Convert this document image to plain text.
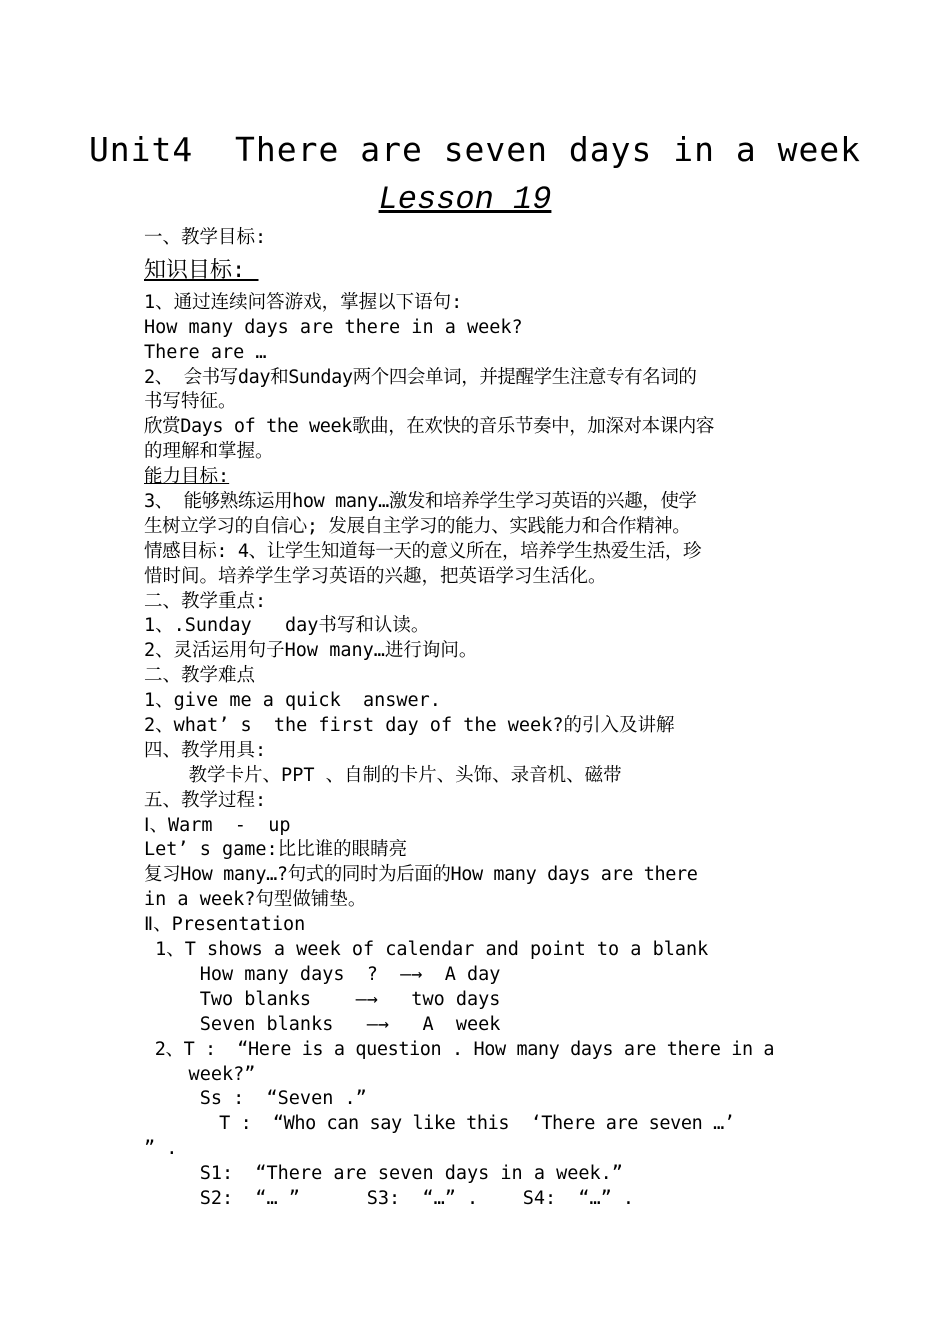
Unit4  There are seven days in a week
Lesson 19
一、教学目标:
知识目标:
1、通过连续问答游戏，掌握以下语句:
How many days are there in a week?
There are …
2、 会书写day和Sunday两个四会单词，并提醒学生注意专有名词的
书写特征。
欣赏Days of the week歌曲，在欢快的音乐节奏中，加深对本课内容
的理解和掌握。
能力目标:
3、 能够熟练运用how many…激发和培养学生学习英语的兴趣，使学
生树立学习的自信心; 发展自主学习的能力、实践能力和合作精神。
情感目标: 4、让学生知道每一天的意义所在，培养学生热爱生活，珍
惜时间。培养学生学习英语的兴趣，把英语学习生活化。
二、教学重点:
1、.Sunday   day书写和认读。
2、灵活运用句子How many…进行询问。
二、教学难点
1、give me a quick  answer.
2、what’ s  the first day of the week?的引入及讲解
四、教学用具:
教学卡片、PPT 、自制的卡片、头饰、录音机、磁带
五、教学过程:
Ⅰ、Warm  -  up
Let’ s game:比比谁的眼睛亮
复习How many…?句式的同时为后面的How many days are there
in a week?句型做铺垫。
Ⅱ、Presentation
1、T shows a week of calendar and point to a blank
How many days  ?  —→  A day
Two blanks    —→   two days
Seven blanks   —→   A  week
2、T :  “Here is a question . How many days are there in a
week?”
Ss :  “Seven .”
T :  “Who can say like this  ‘There are seven …’
” .
S1:  “There are seven days in a week.”
S2:  “… ”      S3:  “…” .    S4:  “…” .
